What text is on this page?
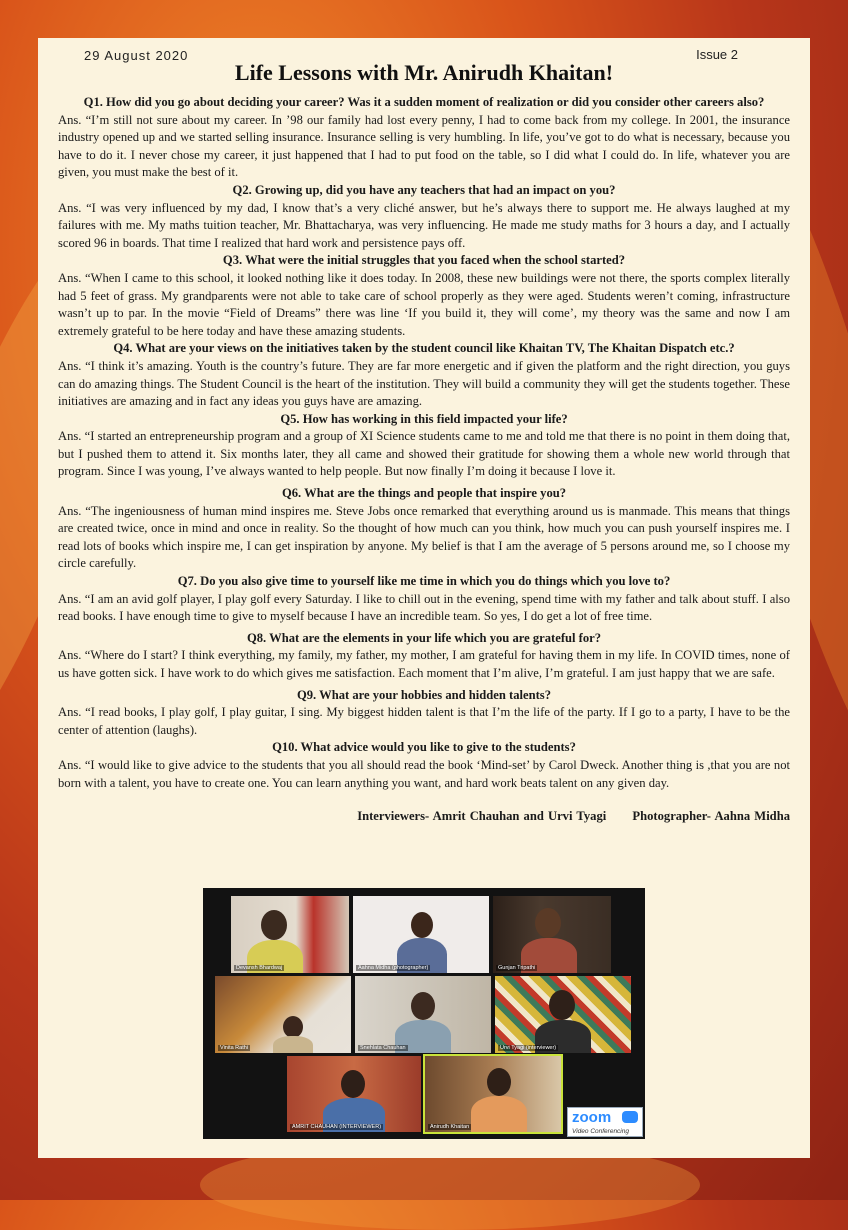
29 August 2020	Issue 2
Life Lessons with Mr. Anirudh Khaitan!
Q1. How did you go about deciding your career? Was it a sudden moment of realization or did you consider other careers also?

Ans. “I’m still not sure about my career. In ’98 our family had lost every penny, I had to come back from my college. In 2001, the insurance industry opened up and we started selling insurance. Insurance selling is very humbling. In life, you’ve got to do what is necessary, because you have to do it. I never chose my career, it just happened that I had to put food on the table, so I did what I could do. In life, whatever you are given, you must make the best of it.

Q2. Growing up, did you have any teachers that had an impact on you?

Ans. “I was very influenced by my dad, I know that’s a very cliché answer, but he’s always there to support me. He always laughed at my failures with me. My maths tuition teacher, Mr. Bhattacharya, was very influencing. He made me study maths for 3 hours a day, and I actually scored 96 in boards. That time I realized that hard work and persistence pays off.

Q3. What were the initial struggles that you faced when the school started?

Ans. “When I came to this school, it looked nothing like it does today. In 2008, these new buildings were not there, the sports complex literally had 5 feet of grass. My grandparents were not able to take care of school properly as they were aged. Students weren’t coming, infrastructure wasn’t up to par. In the movie “Field of Dreams” there was line ‘If you build it, they will come’, my theory was the same and now I am extremely grateful to be here today and have these amazing students.

Q4. What are your views on the initiatives taken by the student council like Khaitan TV, The Khaitan Dispatch etc.?

Ans. “I think it’s amazing. Youth is the country’s future. They are far more energetic and if given the platform and the right direction, you guys can do amazing things. The Student Council is the heart of the institution. They will build a community they will get the students together. These initiatives are amazing and in fact any ideas you guys have are amazing.

Q5. How has working in this field impacted your life?

Ans. “I started an entrepreneurship program and a group of XI Science students came to me and told me that there is no point in them doing that, but I pushed them to attend it. Six months later, they all came and showed their gratitude for showing them a whole new world through that program. Since I was young, I’ve always wanted to help people. But now finally I’m doing it because I love it.

Q6. What are the things and people that inspire you?

Ans. “The ingeniousness of human mind inspires me. Steve Jobs once remarked that everything around us is manmade. This means that things are created twice, once in mind and once in reality. So the thought of how much can you think, how much you can push yourself inspires me. I read lots of books which inspire me, I can get inspiration by anyone. My belief is that I am the average of 5 persons around me, so I choose my circle carefully.

Q7. Do you also give time to yourself like me time in which you do things which you love to?

Ans. “I am an avid golf player, I play golf every Saturday. I like to chill out in the evening, spend time with my father and talk about stuff. I also read books. I have enough time to give to myself because I have an incredible team. So yes, I do get a lot of free time.

Q8. What are the elements in your life which you are grateful for?

Ans. “Where do I start? I think everything, my family, my father, my mother, I am grateful for having them in my life. In COVID times, none of us have gotten sick. I have work to do which gives me satisfaction. Each moment that I’m alive, I’m grateful. I am just happy that we are safe.

Q9. What are your hobbies and hidden talents?

Ans. “I read books, I play golf, I play guitar, I sing. My biggest hidden talent is that I’m the life of the party. If I go to a party, I have to be the center of attention (laughs).

Q10. What advice would you like to give to the students?

Ans. “I would like to give advice to the students that you all should read the book ‘Mind-set’ by Carol Dweck. Another thing is ,that you are not born with a talent, you have to create one. You can learn anything you want, and hard work beats talent on any given day.

Interviewers- Amrit Chauhan and Urvi Tyagi Photographer- Aahna Midha
Devansh Bhardwaj	Aahna Midha (photographer)	Gunjan Tripathi
Vinita Rathi	Snehlata Chauhan	Urvi Tyagi (interviewer)
AMRIT CHAUHAN (INTERVIEWER)	Anirudh Khaitan
zoom
Video Conferencing
